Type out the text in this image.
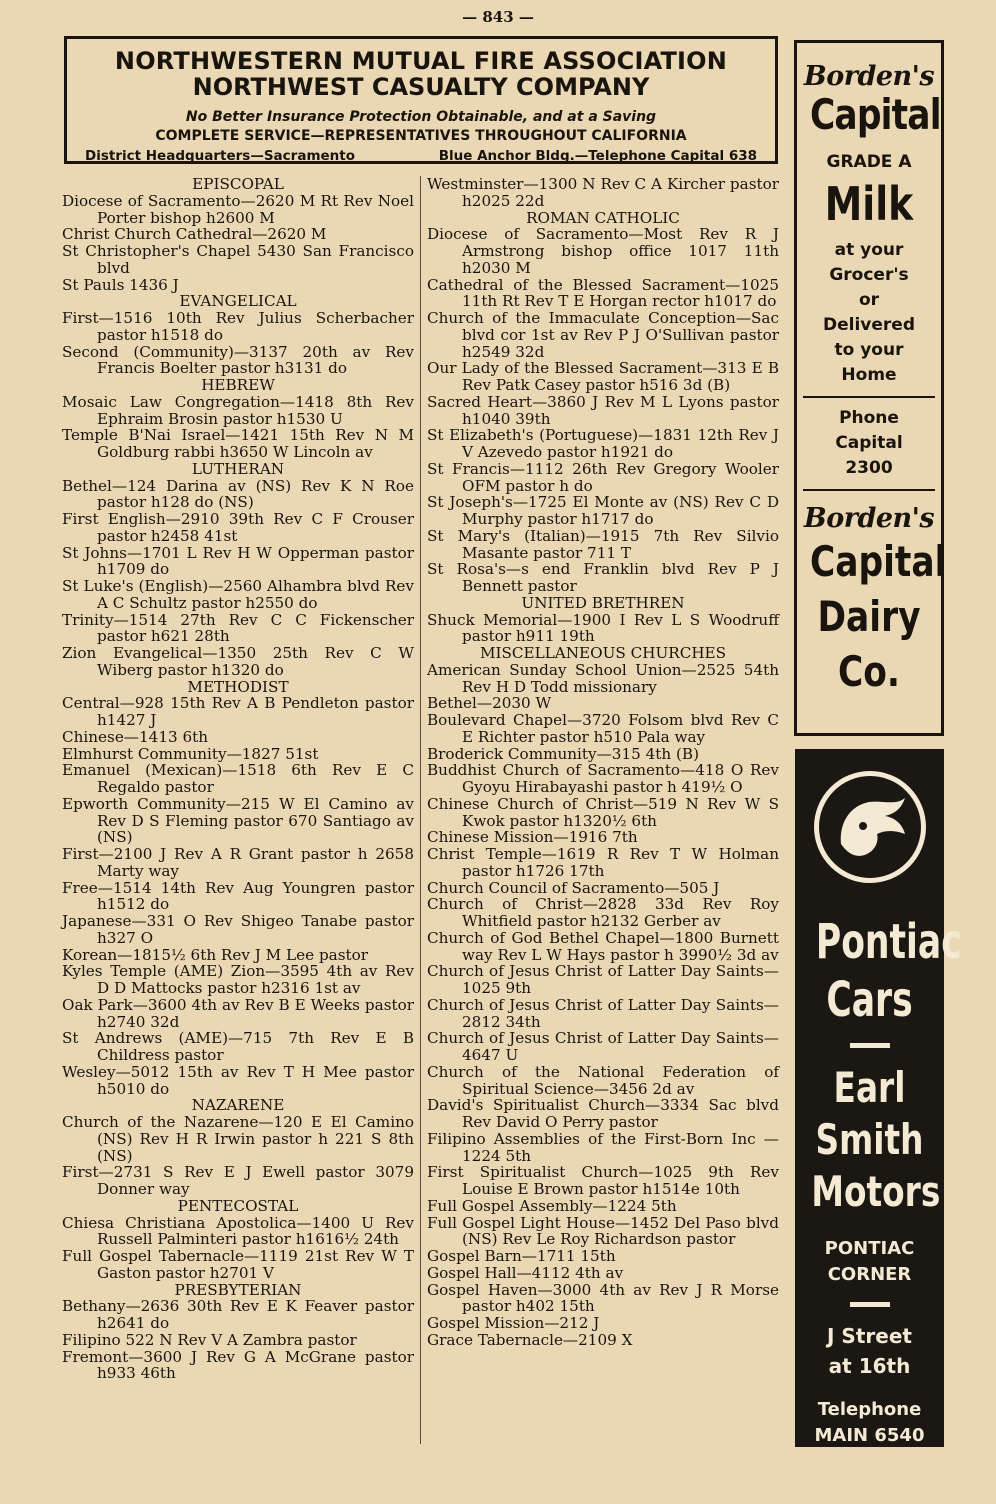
— 843 —
NORTHWESTERN MUTUAL FIRE ASSOCIATION
NORTHWEST CASUALTY COMPANY
No Better Insurance Protection Obtainable, and at a Saving
COMPLETE SERVICE—REPRESENTATIVES THROUGHOUT CALIFORNIA
District Headquarters—Sacramento	Blue Anchor Bldg.—Telephone Capital 638
EPISCOPAL
Diocese of Sacramento—2620 M Rt Rev Noel Porter bishop h2600 M
Christ Church Cathedral—2620 M
St Christopher's Chapel 5430 San Francisco blvd
St Pauls 1436 J
EVANGELICAL
First—1516 10th Rev Julius Scherbacher pastor h1518 do
Second (Community)—3137 20th av Rev Francis Boelter pastor h3131 do
HEBREW
Mosaic Law Congregation—1418 8th Rev Ephraim Brosin pastor h1530 U
Temple B'Nai Israel—1421 15th Rev N M Goldburg rabbi h3650 W Lincoln av
LUTHERAN
Bethel—124 Darina av (NS) Rev K N Roe pastor h128 do (NS)
First English—2910 39th Rev C F Crouser pastor h2458 41st
St Johns—1701 L Rev H W Opperman pastor h1709 do
St Luke's (English)—2560 Alhambra blvd Rev A C Schultz pastor h2550 do
Trinity—1514 27th Rev C C Fickenscher pastor h621 28th
Zion Evangelical—1350 25th Rev C W Wiberg pastor h1320 do
METHODIST
Central—928 15th Rev A B Pendleton pastor h1427 J
Chinese—1413 6th
Elmhurst Community—1827 51st
Emanuel (Mexican)—1518 6th Rev E C Regaldo pastor
Epworth Community—215 W El Camino av Rev D S Fleming pastor 670 Santiago av (NS)
First—2100 J Rev A R Grant pastor h 2658 Marty way
Free—1514 14th Rev Aug Youngren pastor h1512 do
Japanese—331 O Rev Shigeo Tanabe pastor h327 O
Korean—1815½ 6th Rev J M Lee pastor
Kyles Temple (AME) Zion—3595 4th av Rev D D Mattocks pastor h2316 1st av
Oak Park—3600 4th av Rev B E Weeks pastor h2740 32d
St Andrews (AME)—715 7th Rev E B Childress pastor
Wesley—5012 15th av Rev T H Mee pastor h5010 do
NAZARENE
Church of the Nazarene—120 E El Camino (NS) Rev H R Irwin pastor h 221 S 8th (NS)
First—2731 S Rev E J Ewell pastor 3079 Donner way
PENTECOSTAL
Chiesa Christiana Apostolica—1400 U Rev Russell Palminteri pastor h1616½ 24th
Full Gospel Tabernacle—1119 21st Rev W T Gaston pastor h2701 V
PRESBYTERIAN
Bethany—2636 30th Rev E K Feaver pastor h2641 do
Filipino 522 N Rev V A Zambra pastor
Fremont—3600 J Rev G A McGrane pastor h933 46th
Westminster—1300 N Rev C A Kircher pastor h2025 22d
ROMAN CATHOLIC
Diocese of Sacramento—Most Rev R J Armstrong bishop office 1017 11th h2030 M
Cathedral of the Blessed Sacrament—1025 11th Rt Rev T E Horgan rector h1017 do
Church of the Immaculate Conception—Sac blvd cor 1st av Rev P J O'Sullivan pastor h2549 32d
Our Lady of the Blessed Sacrament—313 E B Rev Patk Casey pastor h516 3d (B)
Sacred Heart—3860 J Rev M L Lyons pastor h1040 39th
St Elizabeth's (Portuguese)—1831 12th Rev J V Azevedo pastor h1921 do
St Francis—1112 26th Rev Gregory Wooler OFM pastor h do
St Joseph's—1725 El Monte av (NS) Rev C D Murphy pastor h1717 do
St Mary's (Italian)—1915 7th Rev Silvio Masante pastor 711 T
St Rosa's—s end Franklin blvd Rev P J Bennett pastor
UNITED BRETHREN
Shuck Memorial—1900 I Rev L S Woodruff pastor h911 19th
MISCELLANEOUS CHURCHES
American Sunday School Union—2525 54th Rev H D Todd missionary
Bethel—2030 W
Boulevard Chapel—3720 Folsom blvd Rev C E Richter pastor h510 Pala way
Broderick Community—315 4th (B)
Buddhist Church of Sacramento—418 O Rev Gyoyu Hirabayashi pastor h 419½ O
Chinese Church of Christ—519 N Rev W S Kwok pastor h1320½ 6th
Chinese Mission—1916 7th
Christ Temple—1619 R Rev T W Holman pastor h1726 17th
Church Council of Sacramento—505 J
Church of Christ—2828 33d Rev Roy Whitfield pastor h2132 Gerber av
Church of God Bethel Chapel—1800 Burnett way Rev L W Hays pastor h 3990½ 3d av
Church of Jesus Christ of Latter Day Saints—1025 9th
Church of Jesus Christ of Latter Day Saints—2812 34th
Church of Jesus Christ of Latter Day Saints—4647 U
Church of the National Federation of Spiritual Science—3456 2d av
David's Spiritualist Church—3334 Sac blvd Rev David O Perry pastor
Filipino Assemblies of the First-Born Inc —1224 5th
First Spiritualist Church—1025 9th Rev Louise E Brown pastor h1514e 10th
Full Gospel Assembly—1224 5th
Full Gospel Light House—1452 Del Paso blvd (NS) Rev Le Roy Richardson pastor
Gospel Barn—1711 15th
Gospel Hall—4112 4th av
Gospel Haven—3000 4th av Rev J R Morse pastor h402 15th
Gospel Mission—212 J
Grace Tabernacle—2109 X
Borden's
Capital
GRADE A
Milk
at your
Grocer's
or
Delivered
to your
Home
Phone
Capital
2300
Borden's
Capital
Dairy
Co.
Pontiac
Cars
Earl
Smith
Motors
PONTIAC
CORNER
J Street
at 16th
Telephone
MAIN 6540
